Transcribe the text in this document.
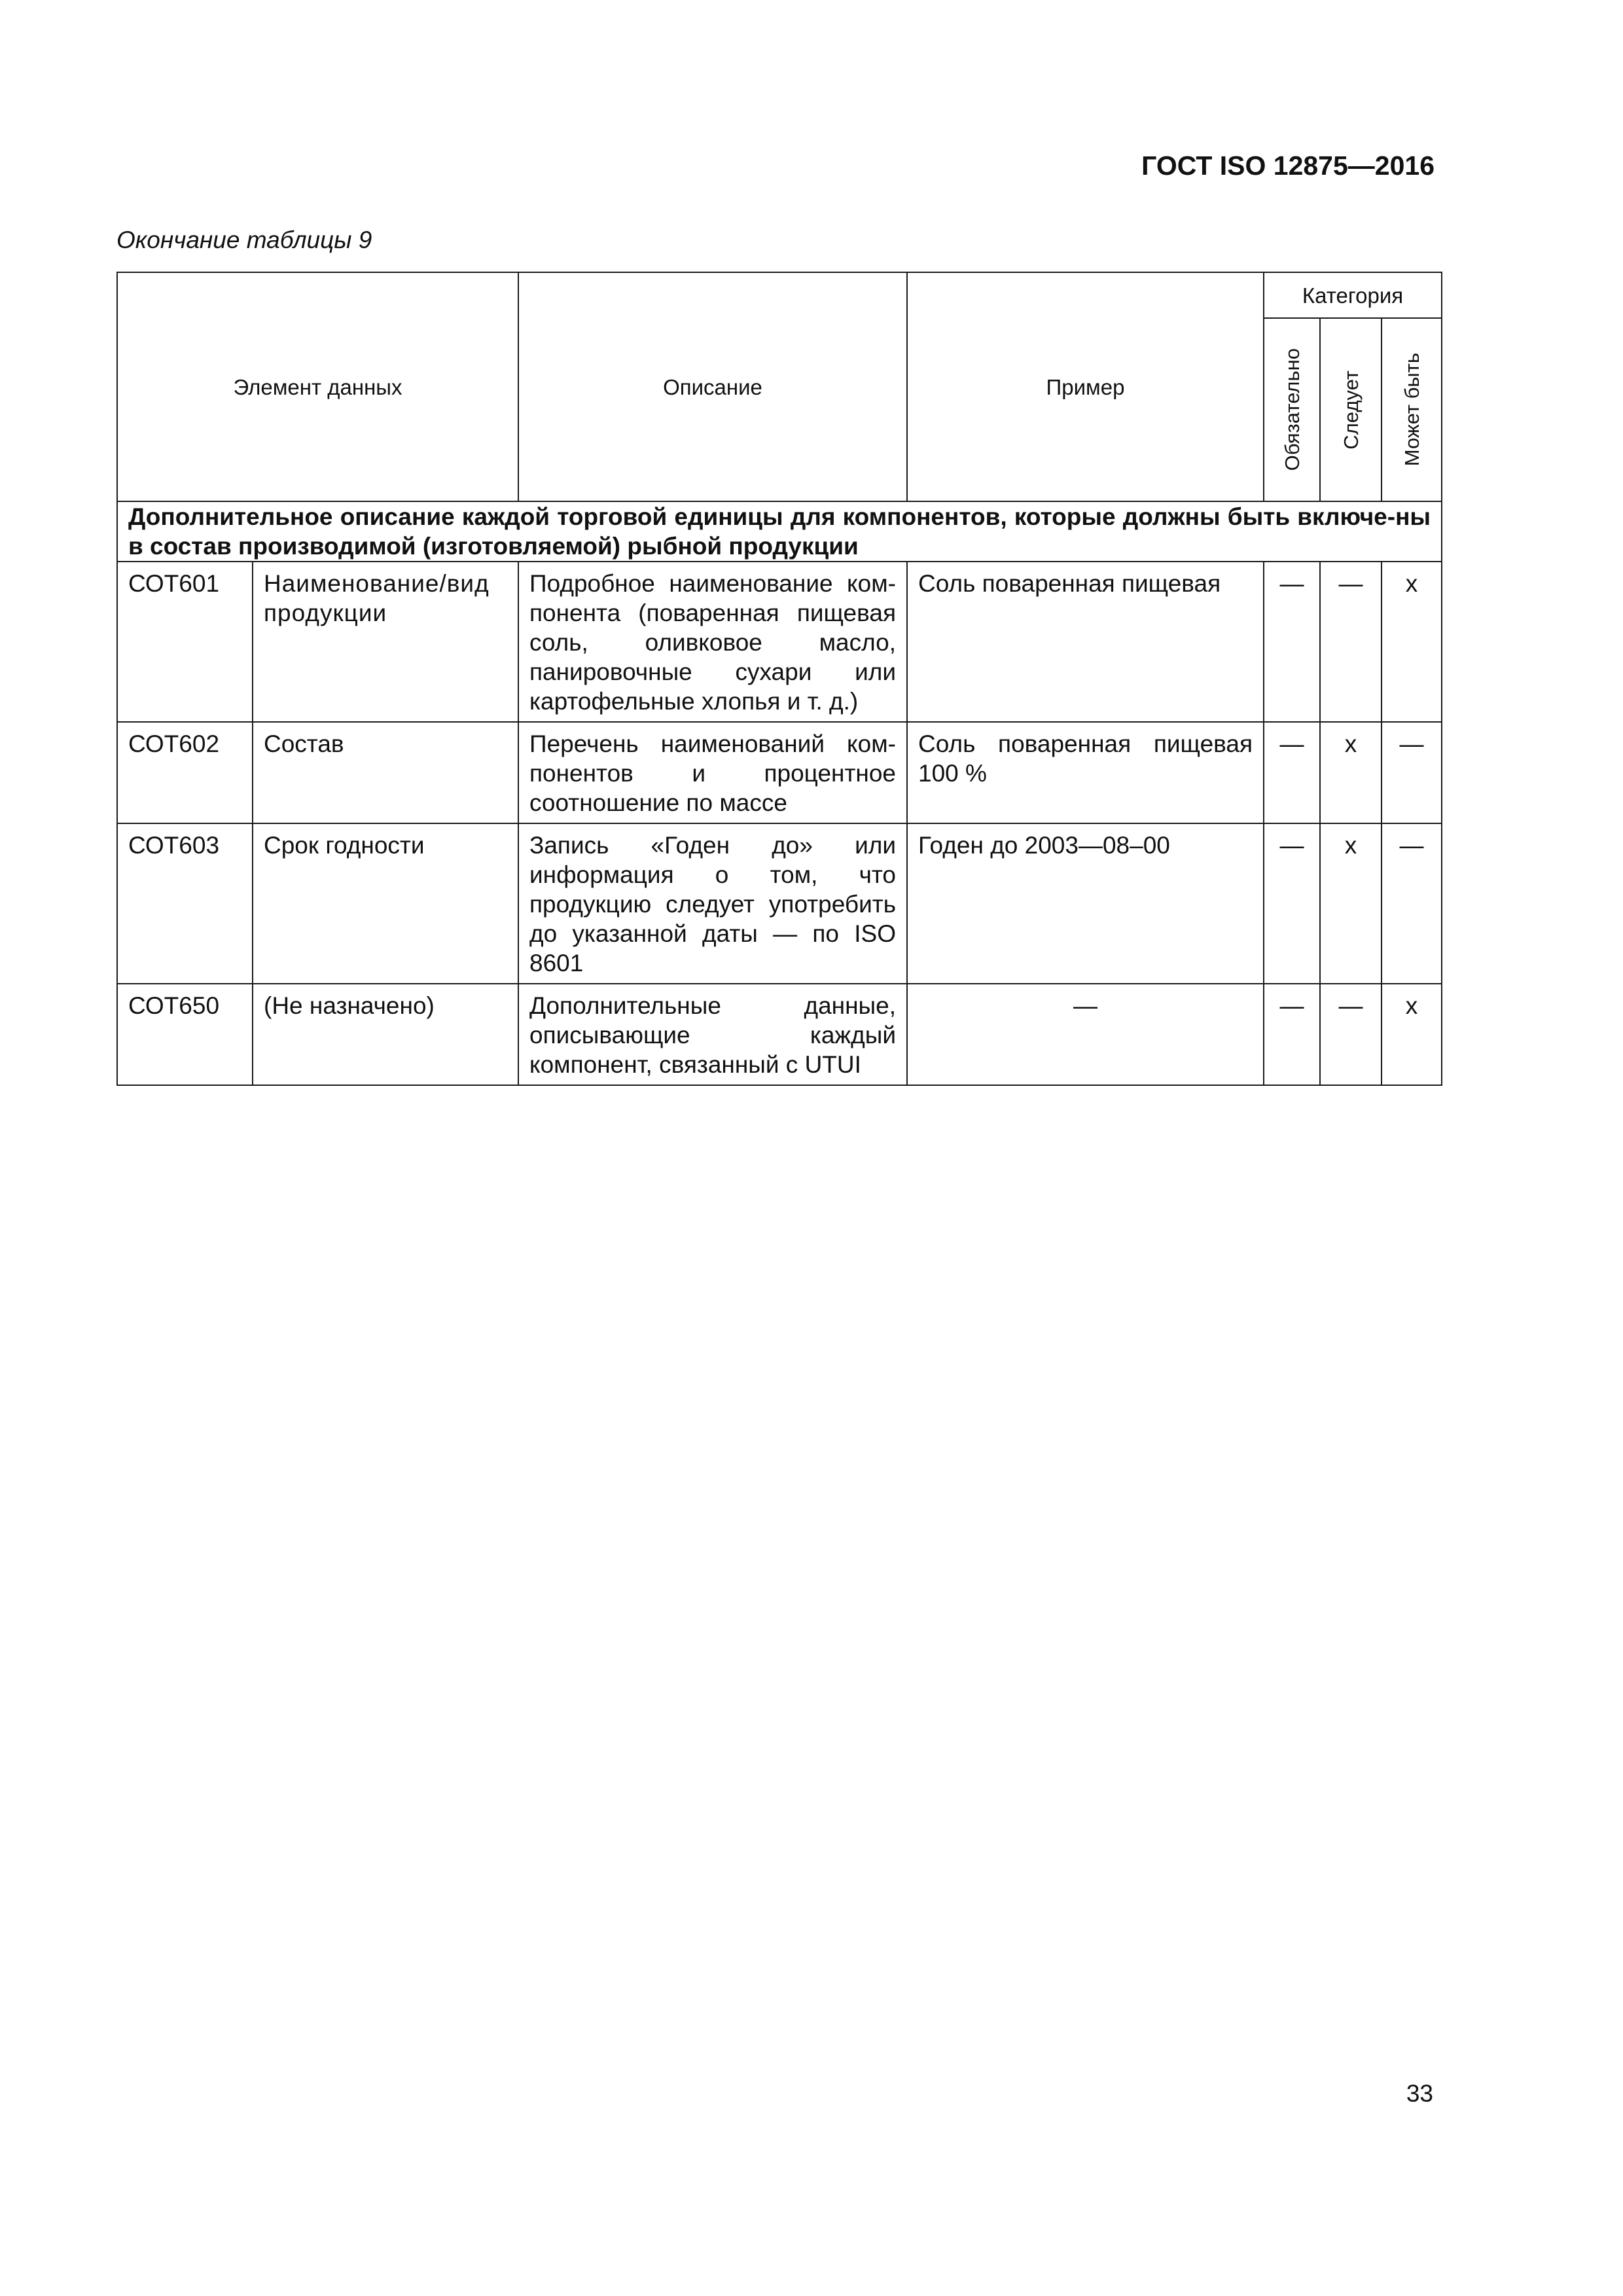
ГОСТ ISO 12875—2016
Окончание таблицы 9
Элемент данных		Описание	Пример	Категория		

				Обязательно	Следует	Может быть

Дополнительное описание каждой торговой единицы для компонентов, которые должны быть включе-ны в состав производимой (изготовляемой) рыбной продукции						
СОТ601	Наименование/вид продукции	Подробное наименование ком-понента (поваренная пищевая соль, оливковое масло, панировочные сухари или картофельные хлопья и т. д.)	Соль поваренная пищевая	—	—	x
СОТ602	Состав	Перечень наименований ком-понентов и процентное соотношение по массе	Соль поваренная пищевая 100 %	—	x	—
СОТ603	Срок годности	Запись «Годен до» или информация о том, что продукцию следует употребить до указанной даты — по ISO 8601	Годен до 2003—08–00	—	x	—
СОТ650	(Не назначено)	Дополнительные данные, описывающие каждый компонент, связанный с UTUI	—	—	—	x
33
